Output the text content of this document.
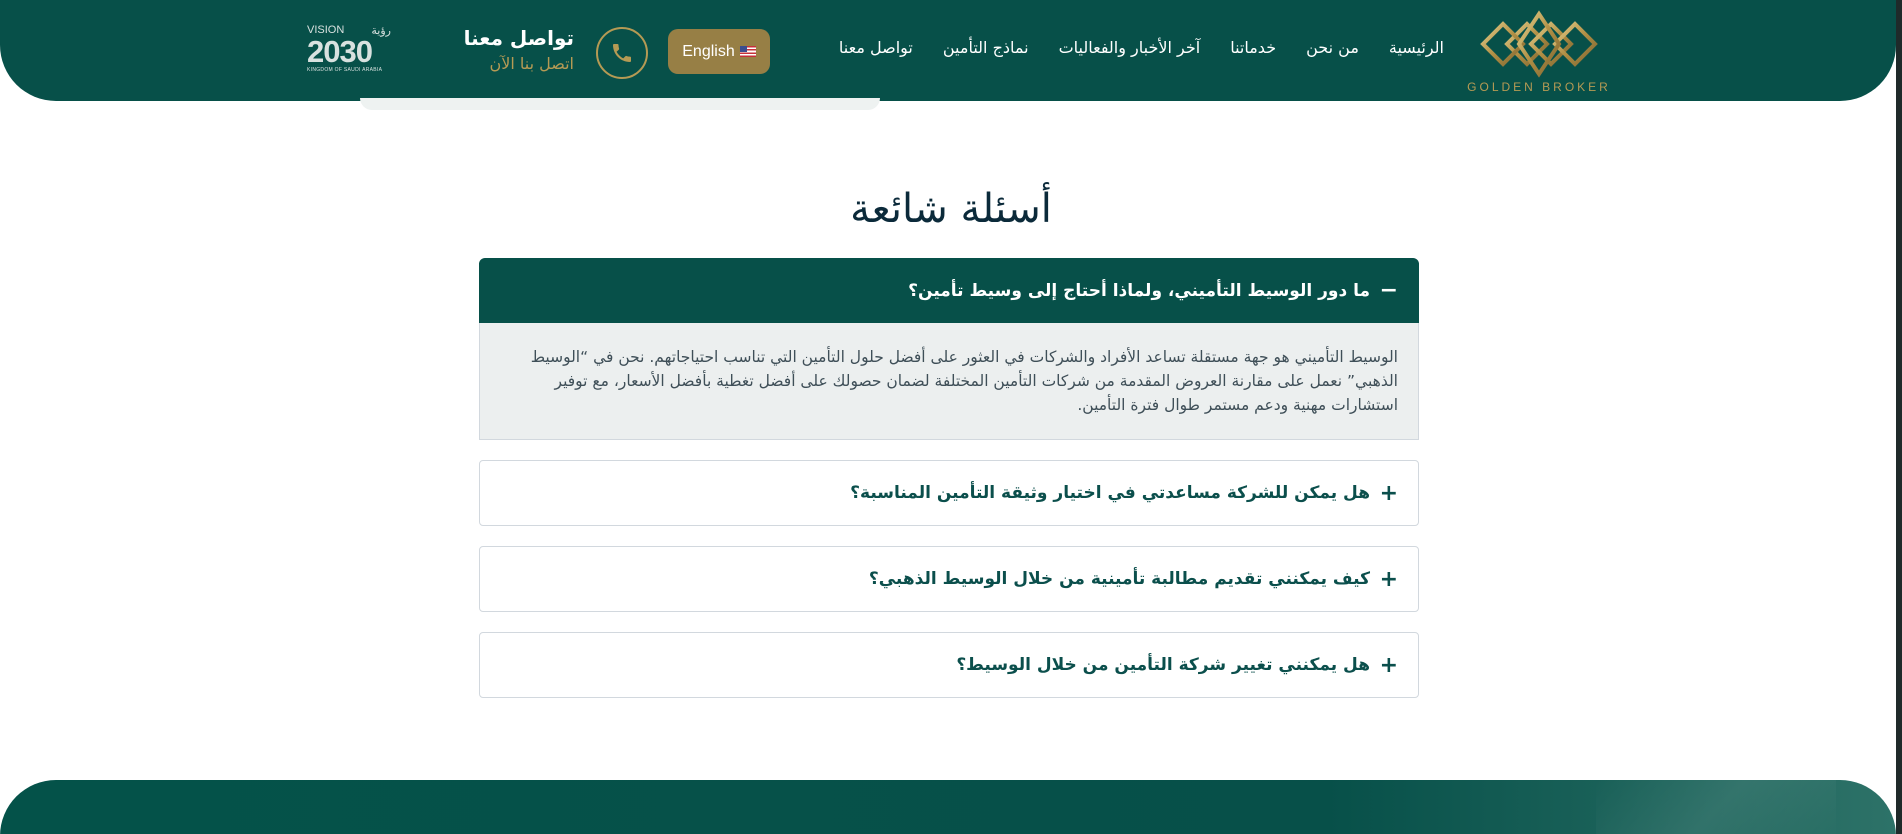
GOLDEN BROKER
الرئيسية
من نحن
خدماتنا
آخر الأخبار والفعاليات
نماذج التأمين
تواصل معنا
English
تواصل معنا
اتصل بنا الآن
VISION رؤية
2030
KINGDOM OF SAUDI ARABIA
أسئلة شائعة
−
ما دور الوسيط التأميني، ولماذا أحتاج إلى وسيط تأمين؟
الوسيط التأميني هو جهة مستقلة تساعد الأفراد والشركات في العثور على أفضل حلول التأمين التي تناسب احتياجاتهم. نحن في “الوسيط الذهبي” نعمل على مقارنة العروض المقدمة من شركات التأمين المختلفة لضمان حصولك على أفضل تغطية بأفضل الأسعار، مع توفير استشارات مهنية ودعم مستمر طوال فترة التأمين.
+
هل يمكن للشركة مساعدتي في اختيار وثيقة التأمين المناسبة؟
+
كيف يمكنني تقديم مطالبة تأمينية من خلال الوسيط الذهبي؟
+
هل يمكنني تغيير شركة التأمين من خلال الوسيط؟
